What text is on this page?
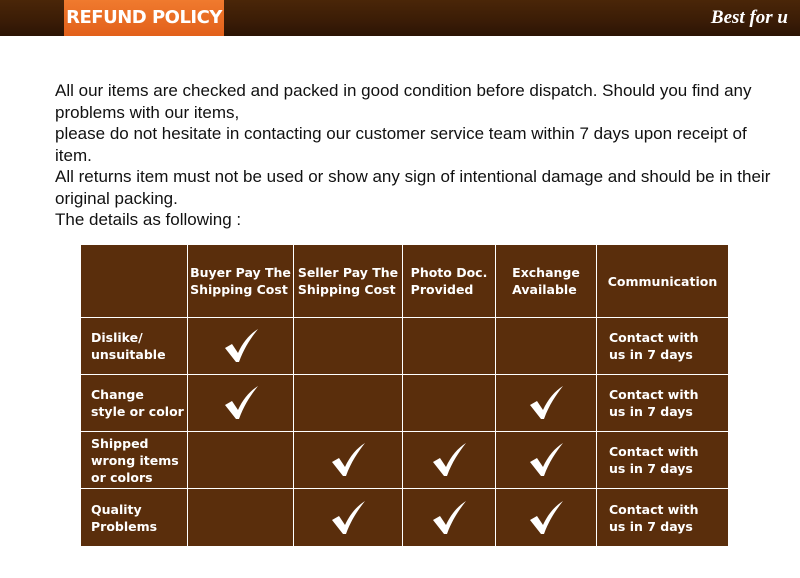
REFUND POLICY	Best for u

All our items are checked and packed in good condition before dispatch. Should you find any problems with our items,

please do not hesitate in contacting our customer service team within 7 days upon receipt of item.

All returns item must not be used or show any sign of intentional damage and should be in their original packing.

The details as following :

	Buyer Pay The
Shipping Cost	Seller Pay The
Shipping Cost	Photo Doc.
Provided	Exchange
Available	Communication
Dislike/
unsuitable					Contact with
us in 7 days
Change
style or color					Contact with
us in 7 days
Shipped
wrong items
or colors					Contact with
us in 7 days
Quality
Problems					Contact with
us in 7 days
